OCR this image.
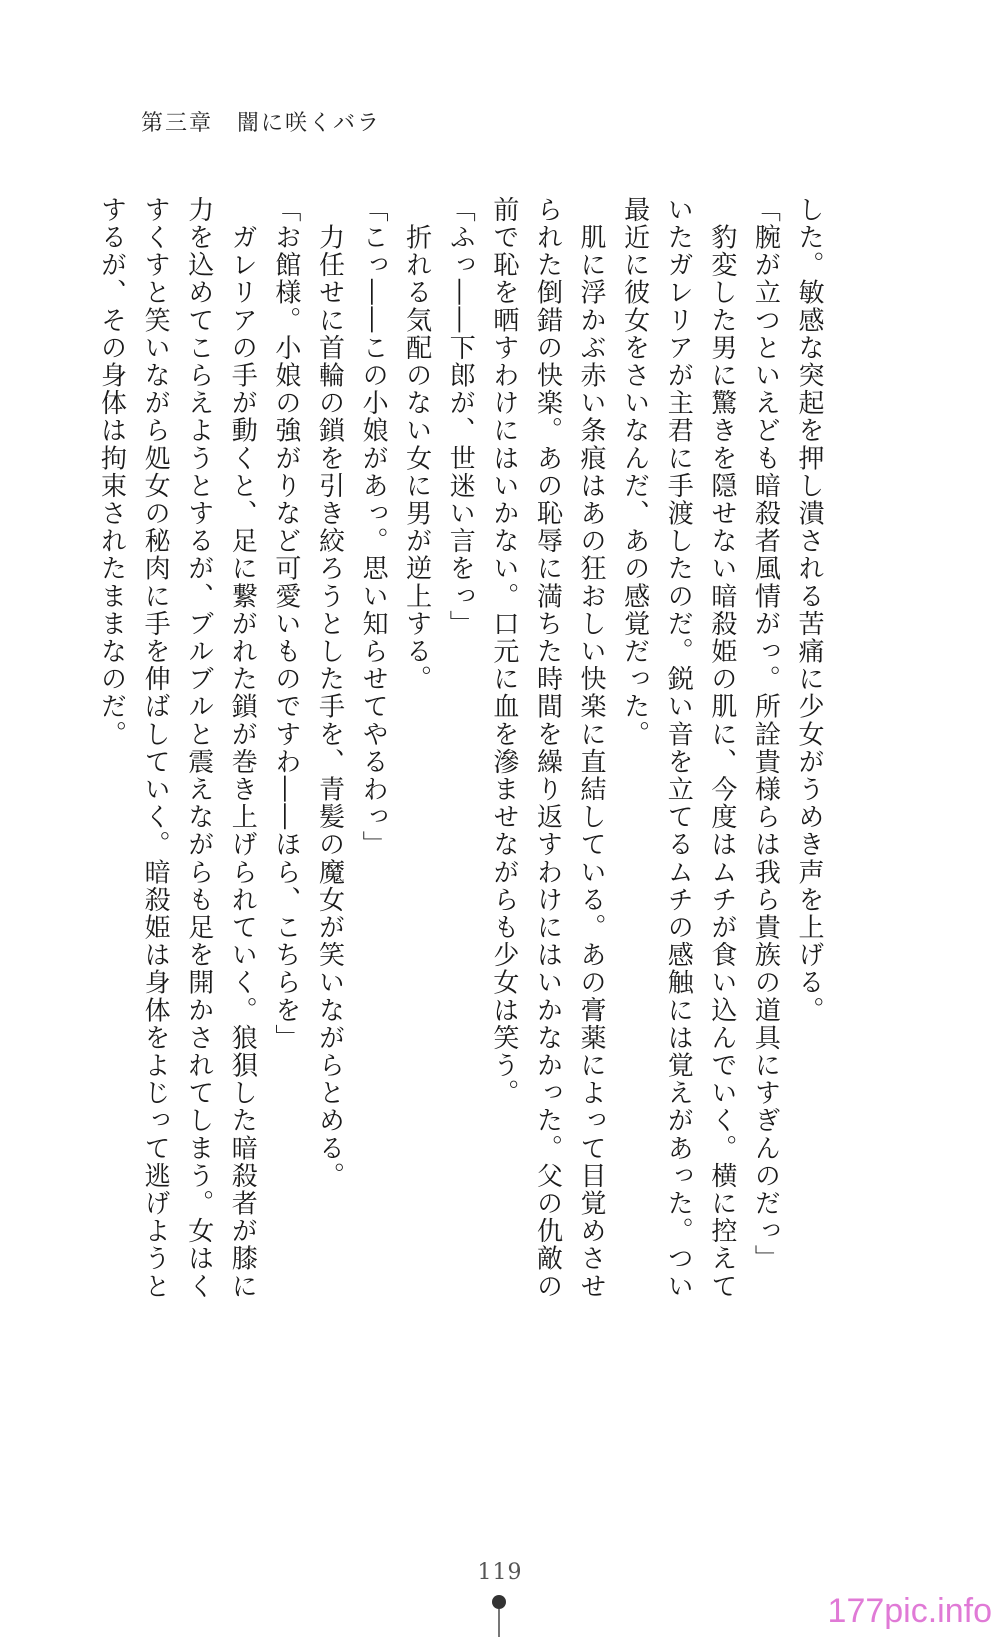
第三章　闇に咲くバラ

した。敏感な突起を押し潰される苦痛に少女がうめき声を上げる。

「腕が立つといえども暗殺者風情がっ。所詮貴様らは我ら貴族の道具にすぎんのだっ」

　豹変した男に驚きを隠せない暗殺姫の肌に、今度はムチが食い込んでいく。横に控えていたガレリアが主君に手渡したのだ。鋭い音を立てるムチの感触には覚えがあった。つい最近に彼女をさいなんだ、あの感覚だった。

　肌に浮かぶ赤い条痕はあの狂おしい快楽に直結している。あの膏薬によって目覚めさせられた倒錯の快楽。あの恥辱に満ちた時間を繰り返すわけにはいかなかった。父の仇敵の前で恥を晒すわけにはいかない。口元に血を滲ませながらも少女は笑う。

「ふっ――下郎が、世迷い言をっ」

　折れる気配のない女に男が逆上する。

「こっ――この小娘があっ。思い知らせてやるわっ」

　力任せに首輪の鎖を引き絞ろうとした手を、青髪の魔女が笑いながらとめる。

「お館様。小娘の強がりなど可愛いものですわ――ほら、こちらを」

　ガレリアの手が動くと、足に繋がれた鎖が巻き上げられていく。狼狽した暗殺者が膝に力を込めてこらえようとするが、ブルブルと震えながらも足を開かされてしまう。女はくすくすと笑いながら処女の秘肉に手を伸ばしていく。暗殺姫は身体をよじって逃げようとするが、その身体は拘束されたままなのだ。

119
177pic.info
